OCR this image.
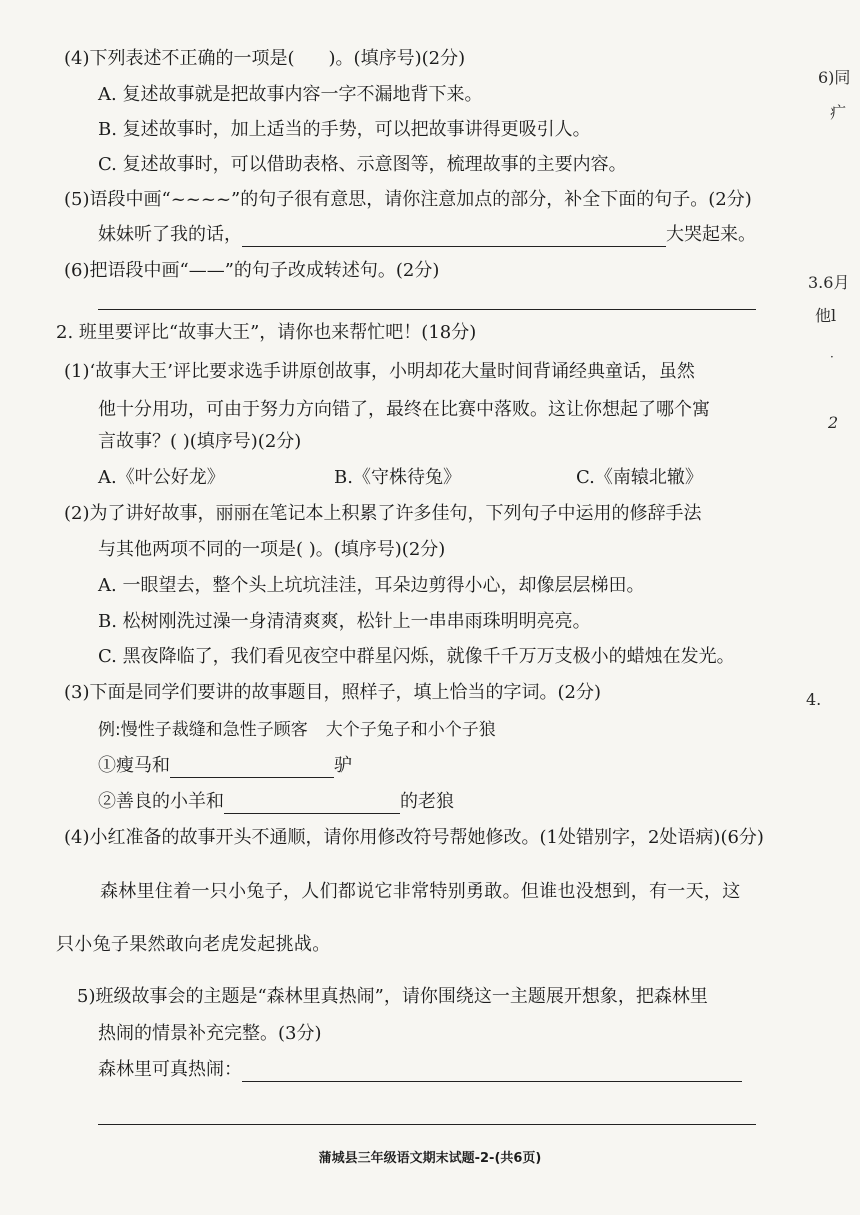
(4)下列表述不正确的一项是( )。(填序号)(2分)
A. 复述故事就是把故事内容一字不漏地背下来。
B. 复述故事时，加上适当的手势，可以把故事讲得更吸引人。
C. 复述故事时，可以借助表格、示意图等，梳理故事的主要内容。
(5)语段中画“~~~~”的句子很有意思，请你注意加点的部分，补全下面的句子。(2分)
妹妹听了我的话，	大哭起来。
(6)把语段中画“——”的句子改成转述句。(2分)
2. 班里要评比“故事大王”，请你也来帮忙吧！(18分)
(1)‘故事大王’评比要求选手讲原创故事，小明却花大量时间背诵经典童话，虽然
他十分用功，可由于努力方向错了，最终在比赛中落败。这让你想起了哪个寓
言故事？( )(填序号)(2分)
A.《叶公好龙》	B.《守株待兔》	C.《南辕北辙》
(2)为了讲好故事，丽丽在笔记本上积累了许多佳句，下列句子中运用的修辞手法
与其他两项不同的一项是( )。(填序号)(2分)
A. 一眼望去，整个头上坑坑洼洼，耳朵边剪得小心，却像层层梯田。
B. 松树刚洗过澡一身清清爽爽，松针上一串串雨珠明明亮亮。
C. 黑夜降临了，我们看见夜空中群星闪烁，就像千千万万支极小的蜡烛在发光。
(3)下面是同学们要讲的故事题目，照样子，填上恰当的字词。(2分)
例:慢性子裁缝和急性子顾客 大个子兔子和小个子狼
①瘦马和	驴
②善良的小羊和	的老狼
(4)小红准备的故事开头不通顺，请你用修改符号帮她修改。(1处错别字，2处语病)(6分)
森林里住着一只小兔子，人们都说它非常特别勇敢。但谁也没想到，有一天，这
只小兔子果然敢向老虎发起挑战。
5)班级故事会的主题是“森林里真热闹”，请你围绕这一主题展开想象，把森林里
热闹的情景补充完整。(3分)
森林里可真热闹：
蒲城县三年级语文期末试题-2-(共6页)
6)同
疒
3.6月
他l
·
2
4.
